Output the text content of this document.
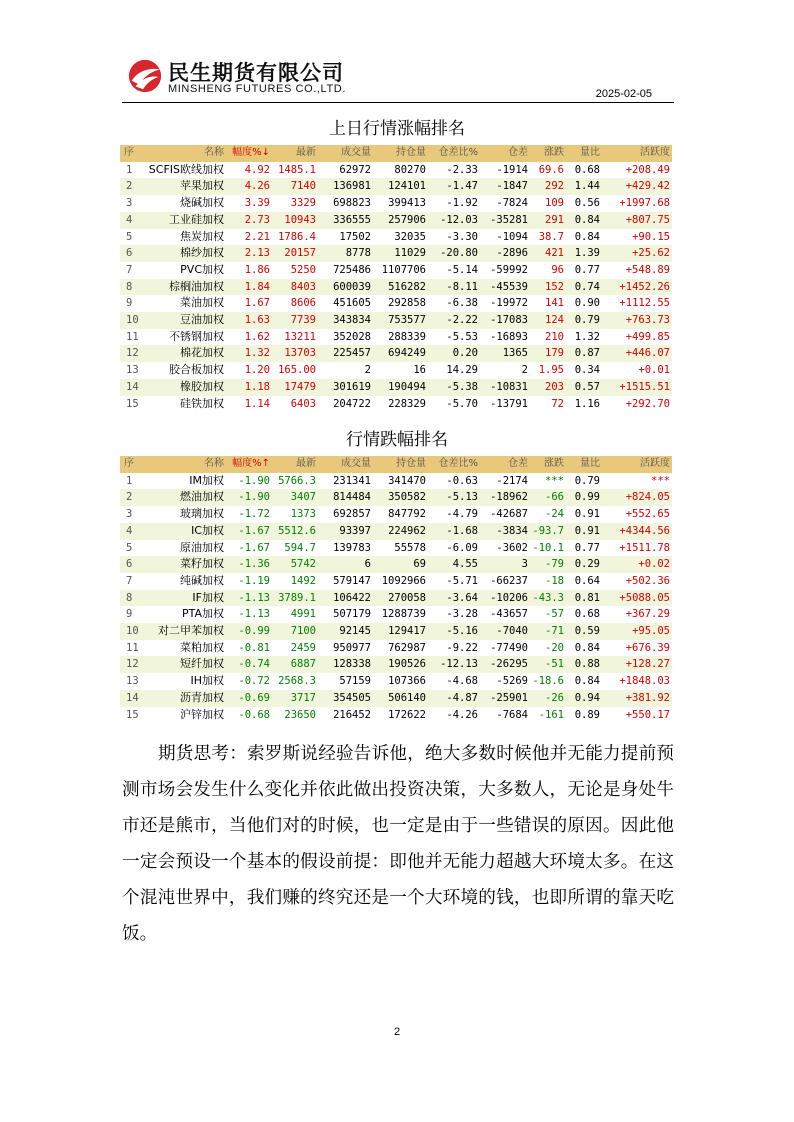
民生期货有限公司
MINSHENG FUTURES CO.,LTD.	2025-02-05
上日行情涨幅排名
序	名称	幅度%↓	最新	成交量	持仓量	仓差比%	仓差	涨跌	量比	活跃度
1	SCFIS欧线加权	4.92	1485.1	62972	80270	-2.33	-1914	69.6	0.68	+208.49
2	苹果加权	4.26	7140	136981	124101	-1.47	-1847	292	1.44	+429.42
3	烧碱加权	3.39	3329	698823	399413	-1.92	-7824	109	0.56	+1997.68
4	工业硅加权	2.73	10943	336555	257906	-12.03	-35281	291	0.84	+807.75
5	焦炭加权	2.21	1786.4	17502	32035	-3.30	-1094	38.7	0.84	+90.15
6	棉纱加权	2.13	20157	8778	11029	-20.80	-2896	421	1.39	+25.62
7	PVC加权	1.86	5250	725486	1107706	-5.14	-59992	96	0.77	+548.89
8	棕榈油加权	1.84	8403	600039	516282	-8.11	-45539	152	0.74	+1452.26
9	菜油加权	1.67	8606	451605	292858	-6.38	-19972	141	0.90	+1112.55
10	豆油加权	1.63	7739	343834	753577	-2.22	-17083	124	0.79	+763.73
11	不锈钢加权	1.62	13211	352028	288339	-5.53	-16893	210	1.32	+499.85
12	棉花加权	1.32	13703	225457	694249	0.20	1365	179	0.87	+446.07
13	胶合板加权	1.20	165.00	2	16	14.29	2	1.95	0.34	+0.01
14	橡胶加权	1.18	17479	301619	190494	-5.38	-10831	203	0.57	+1515.51
15	硅铁加权	1.14	6403	204722	228329	-5.70	-13791	72	1.16	+292.70
行情跌幅排名
序	名称	幅度%↑	最新	成交量	持仓量	仓差比%	仓差	涨跌	量比	活跃度
1	IM加权	-1.90	5766.3	231341	341470	-0.63	-2174	***	0.79	***
2	燃油加权	-1.90	3407	814484	350582	-5.13	-18962	-66	0.99	+824.05
3	玻璃加权	-1.72	1373	692857	847792	-4.79	-42687	-24	0.91	+552.65
4	IC加权	-1.67	5512.6	93397	224962	-1.68	-3834	-93.7	0.91	+4344.56
5	原油加权	-1.67	594.7	139783	55578	-6.09	-3602	-10.1	0.77	+1511.78
6	菜籽加权	-1.36	5742	6	69	4.55	3	-79	0.29	+0.02
7	纯碱加权	-1.19	1492	579147	1092966	-5.71	-66237	-18	0.64	+502.36
8	IF加权	-1.13	3789.1	106422	270058	-3.64	-10206	-43.3	0.81	+5088.05
9	PTA加权	-1.13	4991	507179	1288739	-3.28	-43657	-57	0.68	+367.29
10	对二甲苯加权	-0.99	7100	92145	129417	-5.16	-7040	-71	0.59	+95.05
11	菜粕加权	-0.81	2459	950977	762987	-9.22	-77490	-20	0.84	+676.39
12	短纤加权	-0.74	6887	128338	190526	-12.13	-26295	-51	0.88	+128.27
13	IH加权	-0.72	2568.3	57159	107366	-4.68	-5269	-18.6	0.84	+1848.03
14	沥青加权	-0.69	3717	354505	506140	-4.87	-25901	-26	0.94	+381.92
15	沪锌加权	-0.68	23650	216452	172622	-4.26	-7684	-161	0.89	+550.17
期货思考：索罗斯说经验告诉他，绝大多数时候他并无能力提前预测市场会发生什么变化并依此做出投资决策，大多数人，无论是身处牛市还是熊市，当他们对的时候，也一定是由于一些错误的原因。因此他一定会预设一个基本的假设前提：即他并无能力超越大环境太多。在这个混沌世界中，我们赚的终究还是一个大环境的钱，也即所谓的靠天吃饭。
2
